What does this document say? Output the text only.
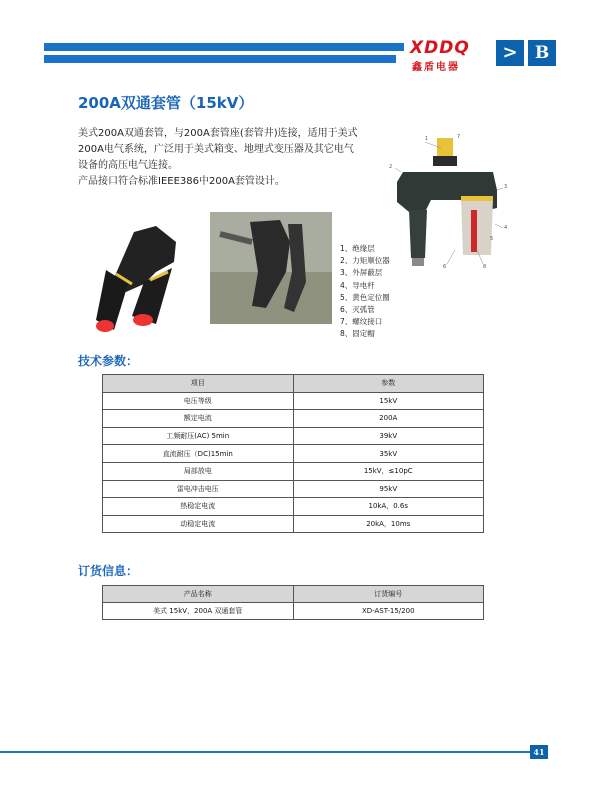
XDDQ
鑫盾电器
>	B
200A双通套管（15kV）
美式200A双通套管，与200A套管座(套管井)连接，适用于美式
200A电气系统，广泛用于美式箱变、地埋式变压器及其它电气
设备的高压电气连接。
产品接口符合标准IEEE386中200A套管设计。
1
2
3
4
5
6
7
8
1、绝缘层
2、力矩顺位器
3、外屏蔽层
4、导电杆
5、黄色定位圈
6、灭弧管
7、螺纹接口
8、固定帽
技术参数：
项目	参数
电压等级	15kV
额定电流	200A
工频耐压(AC) 5min	39kV
直流耐压（DC)15min	35kV
局部放电	15kV，≤10pC
雷电冲击电压	95kV
热稳定电流	10kA，0.6s
动稳定电流	20kA，10ms
订货信息：
产品名称	订货编号
美式 15kV，200A 双通套管	XD-AST-15/200
41
